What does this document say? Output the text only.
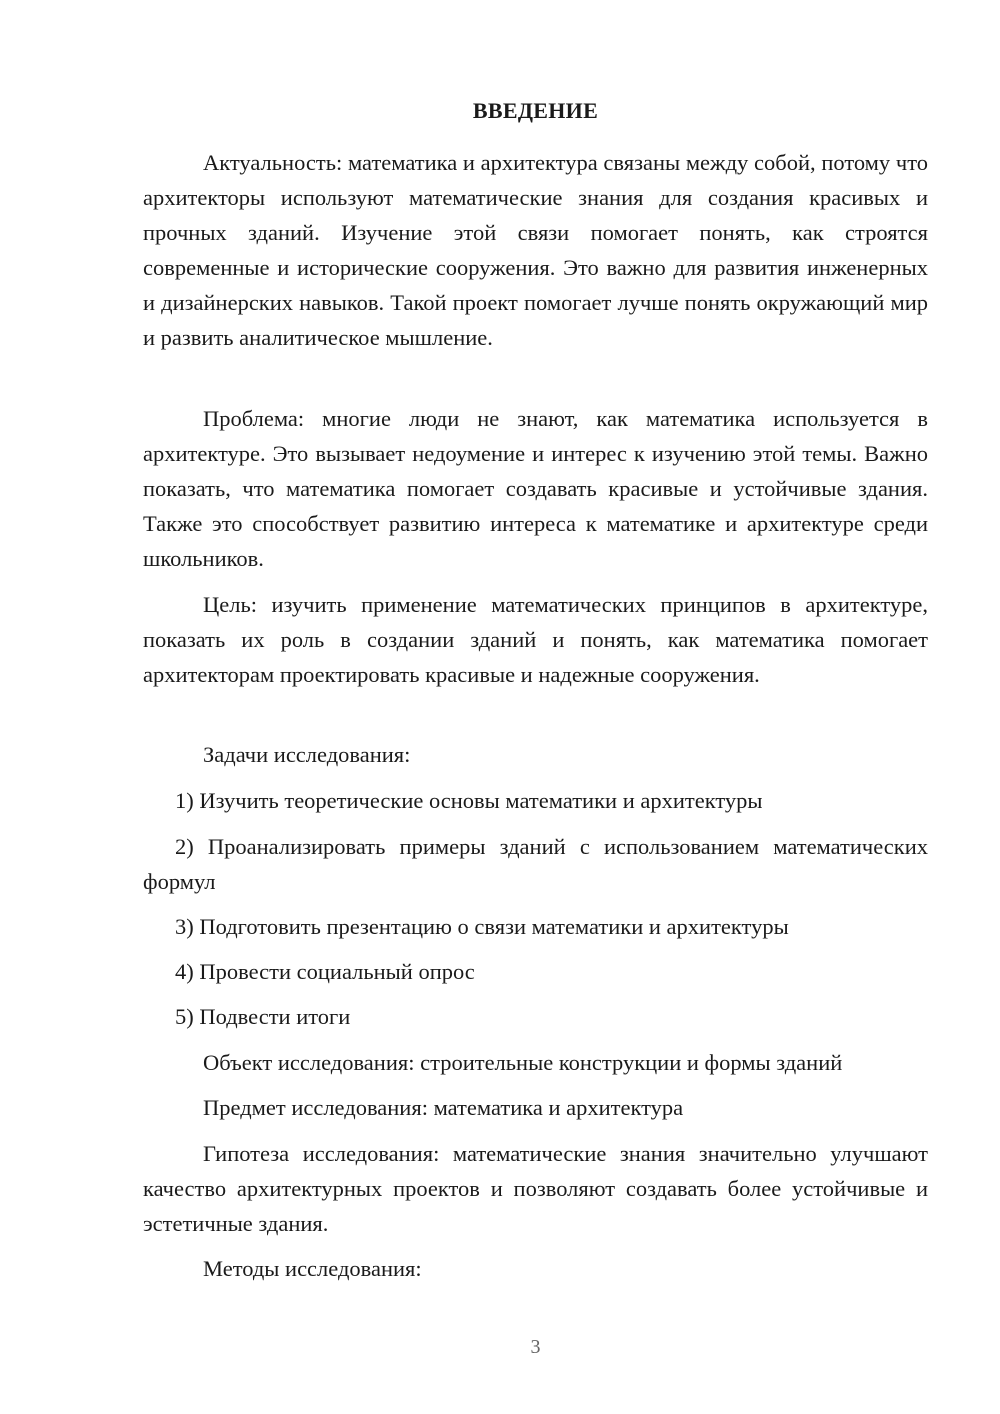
ВВЕДЕНИЕ

Актуальность: математика и архитектура связаны между собой, потому что архитекторы используют математические знания для создания красивых и прочных зданий. Изучение этой связи помогает понять, как строятся современные и исторические сооружения. Это важно для развития инженерных и дизайнерских навыков. Такой проект помогает лучше понять окружающий мир и развить аналитическое мышление.

Проблема: многие люди не знают, как математика используется в архитектуре. Это вызывает недоумение и интерес к изучению этой темы. Важно показать, что математика помогает создавать красивые и устойчивые здания. Также это способствует развитию интереса к математике и архитектуре среди школьников.

Цель: изучить применение математических принципов в архитектуре, показать их роль в создании зданий и понять, как математика помогает архитекторам проектировать красивые и надежные сооружения.

Задачи исследования:

1) Изучить теоретические основы математики и архитектуры

2) Проанализировать примеры зданий с использованием математических формул

3) Подготовить презентацию о связи математики и архитектуры

4) Провести социальный опрос

5) Подвести итоги

Объект исследования: строительные конструкции и формы зданий

Предмет исследования: математика и архитектура

Гипотеза исследования: математические знания значительно улучшают качество архитектурных проектов и позволяют создавать более устойчивые и эстетичные здания.

Методы исследования:

3
